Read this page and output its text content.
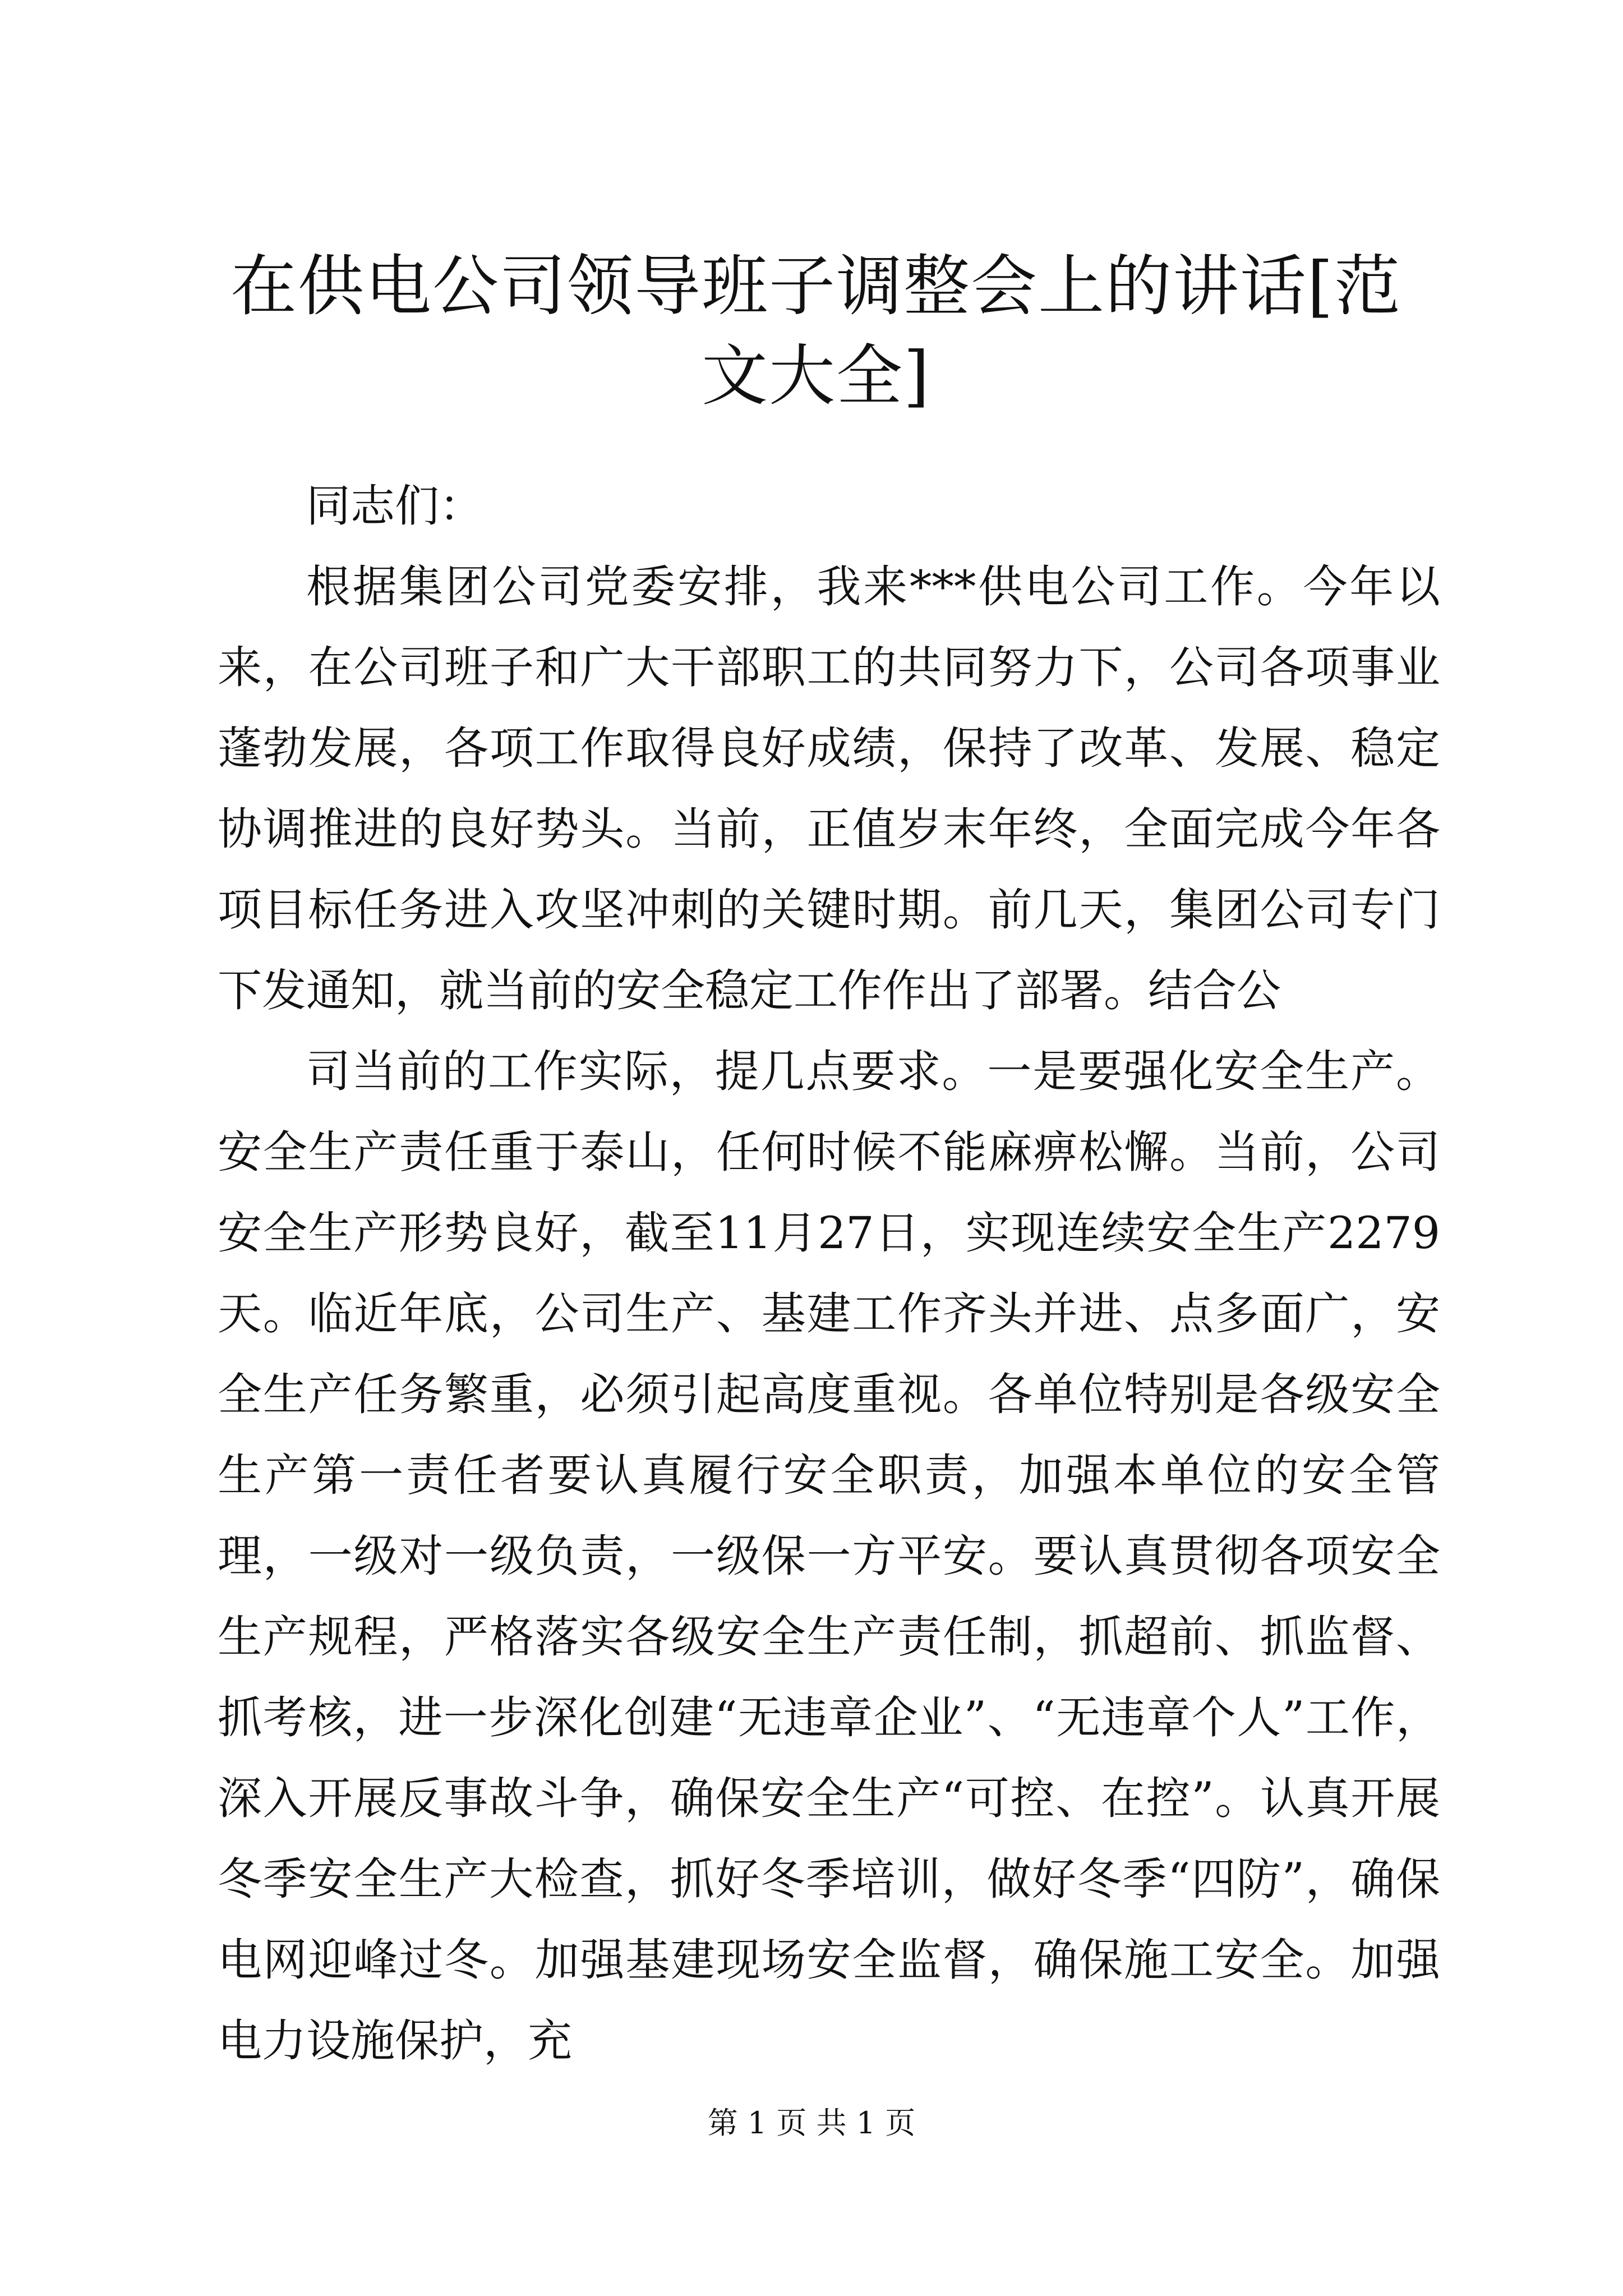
在供电公司领导班子调整会上的讲话[范文大全]

同志们：

根据集团公司党委安排，我来***供电公司工作。今年以来，在公司班子和广大干部职工的共同努力下，公司各项事业蓬勃发展，各项工作取得良好成绩，保持了改革、发展、稳定协调推进的良好势头。当前，正值岁末年终，全面完成今年各项目标任务进入攻坚冲刺的关键时期。前几天，集团公司专门下发通知，就当前的安全稳定工作作出了部署。结合公

司当前的工作实际，提几点要求。一是要强化安全生产。安全生产责任重于泰山，任何时候不能麻痹松懈。当前，公司安全生产形势良好，截至11月27日，实现连续安全生产2279天。临近年底，公司生产、基建工作齐头并进、点多面广，安全生产任务繁重，必须引起高度重视。各单位特别是各级安全生产第一责任者要认真履行安全职责，加强本单位的安全管理，一级对一级负责，一级保一方平安。要认真贯彻各项安全生产规程，严格落实各级安全生产责任制，抓超前、抓监督、抓考核，进一步深化创建“无违章企业”、“无违章个人”工作，深入开展反事故斗争，确保安全生产“可控、在控”。认真开展冬季安全生产大检查，抓好冬季培训，做好冬季“四防”，确保电网迎峰过冬。加强基建现场安全监督，确保施工安全。加强电力设施保护，充

第 1 页 共 1 页
